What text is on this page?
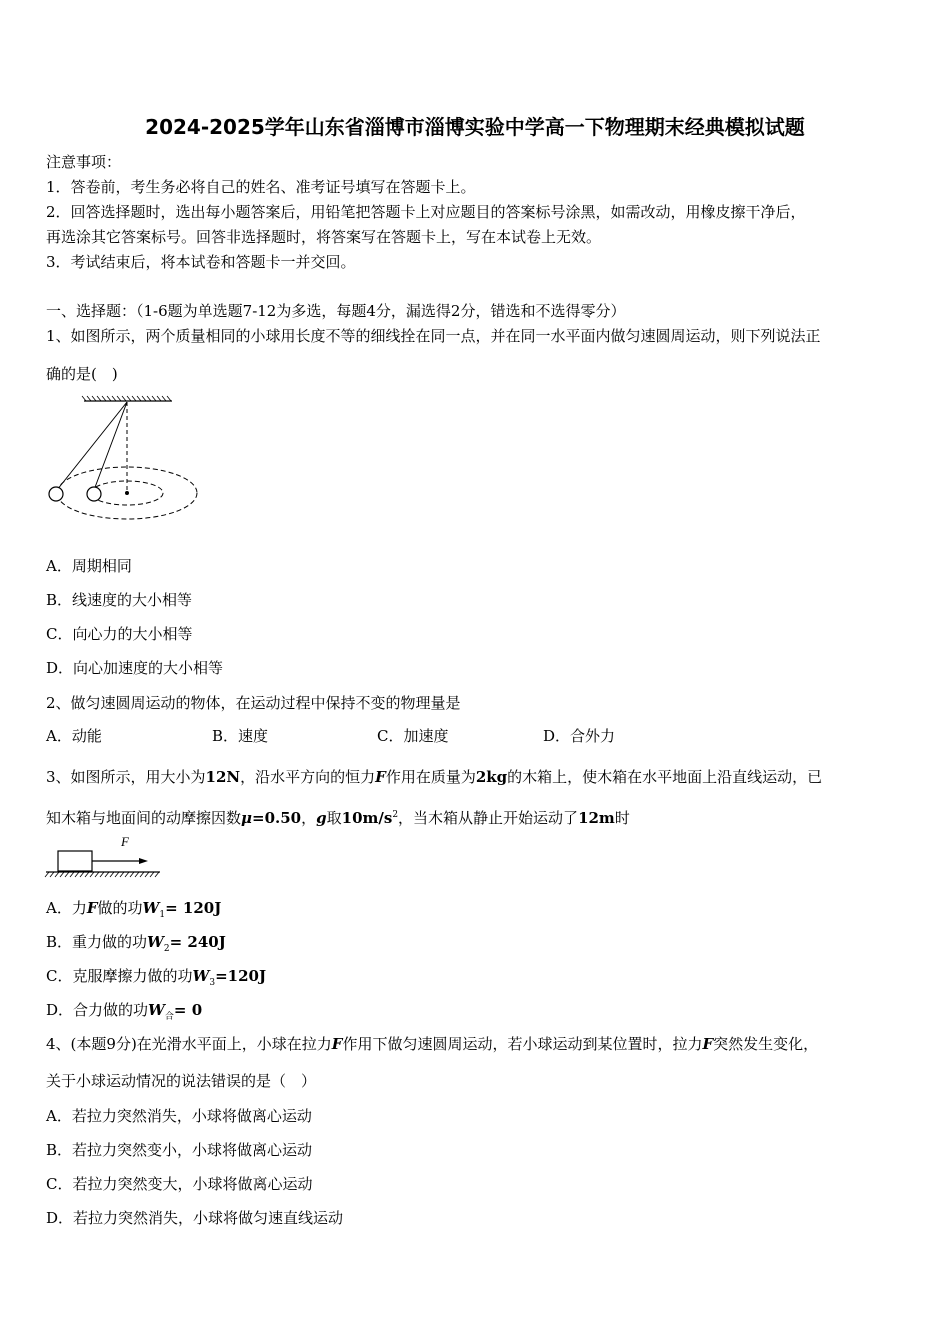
2024-2025学年山东省淄博市淄博实验中学高一下物理期末经典模拟试题
注意事项：
1．答卷前，考生务必将自己的姓名、准考证号填写在答题卡上。
2．回答选择题时，选出每小题答案后，用铅笔把答题卡上对应题目的答案标号涂黑，如需改动，用橡皮擦干净后，
再选涂其它答案标号。回答非选择题时，将答案写在答题卡上，写在本试卷上无效。
3．考试结束后，将本试卷和答题卡一并交回。
一、选择题：（1-6题为单选题7-12为多选，每题4分，漏选得2分，错选和不选得零分）
1、如图所示，两个质量相同的小球用长度不等的细线拴在同一点，并在同一水平面内做匀速圆周运动，则下列说法正
确的是(　)
A．周期相同
B．线速度的大小相等
C．向心力的大小相等
D．向心加速度的大小相等
2、做匀速圆周运动的物体，在运动过程中保持不变的物理量是
A．动能	B．速度	C．加速度	D．合外力
3、如图所示，用大小为12N，沿水平方向的恒力F作用在质量为2kg的木箱上，使木箱在水平地面上沿直线运动，已
知木箱与地面间的动摩擦因数μ=0.50，g取$10m/s^2$，当木箱从静止开始运动了12m时
F
A．力F做的功$W_1= 120J$
B．重力做的功$W_2= 240J$
C．克服摩擦力做的功$W_3=120J$
D．合力做的功$W_合= 0$
4、(本题9分)在光滑水平面上，小球在拉力F作用下做匀速圆周运动，若小球运动到某位置时，拉力F突然发生变化，
关于小球运动情况的说法错误的是（　）
A．若拉力突然消失，小球将做离心运动
B．若拉力突然变小，小球将做离心运动
C．若拉力突然变大，小球将做离心运动
D．若拉力突然消失，小球将做匀速直线运动
